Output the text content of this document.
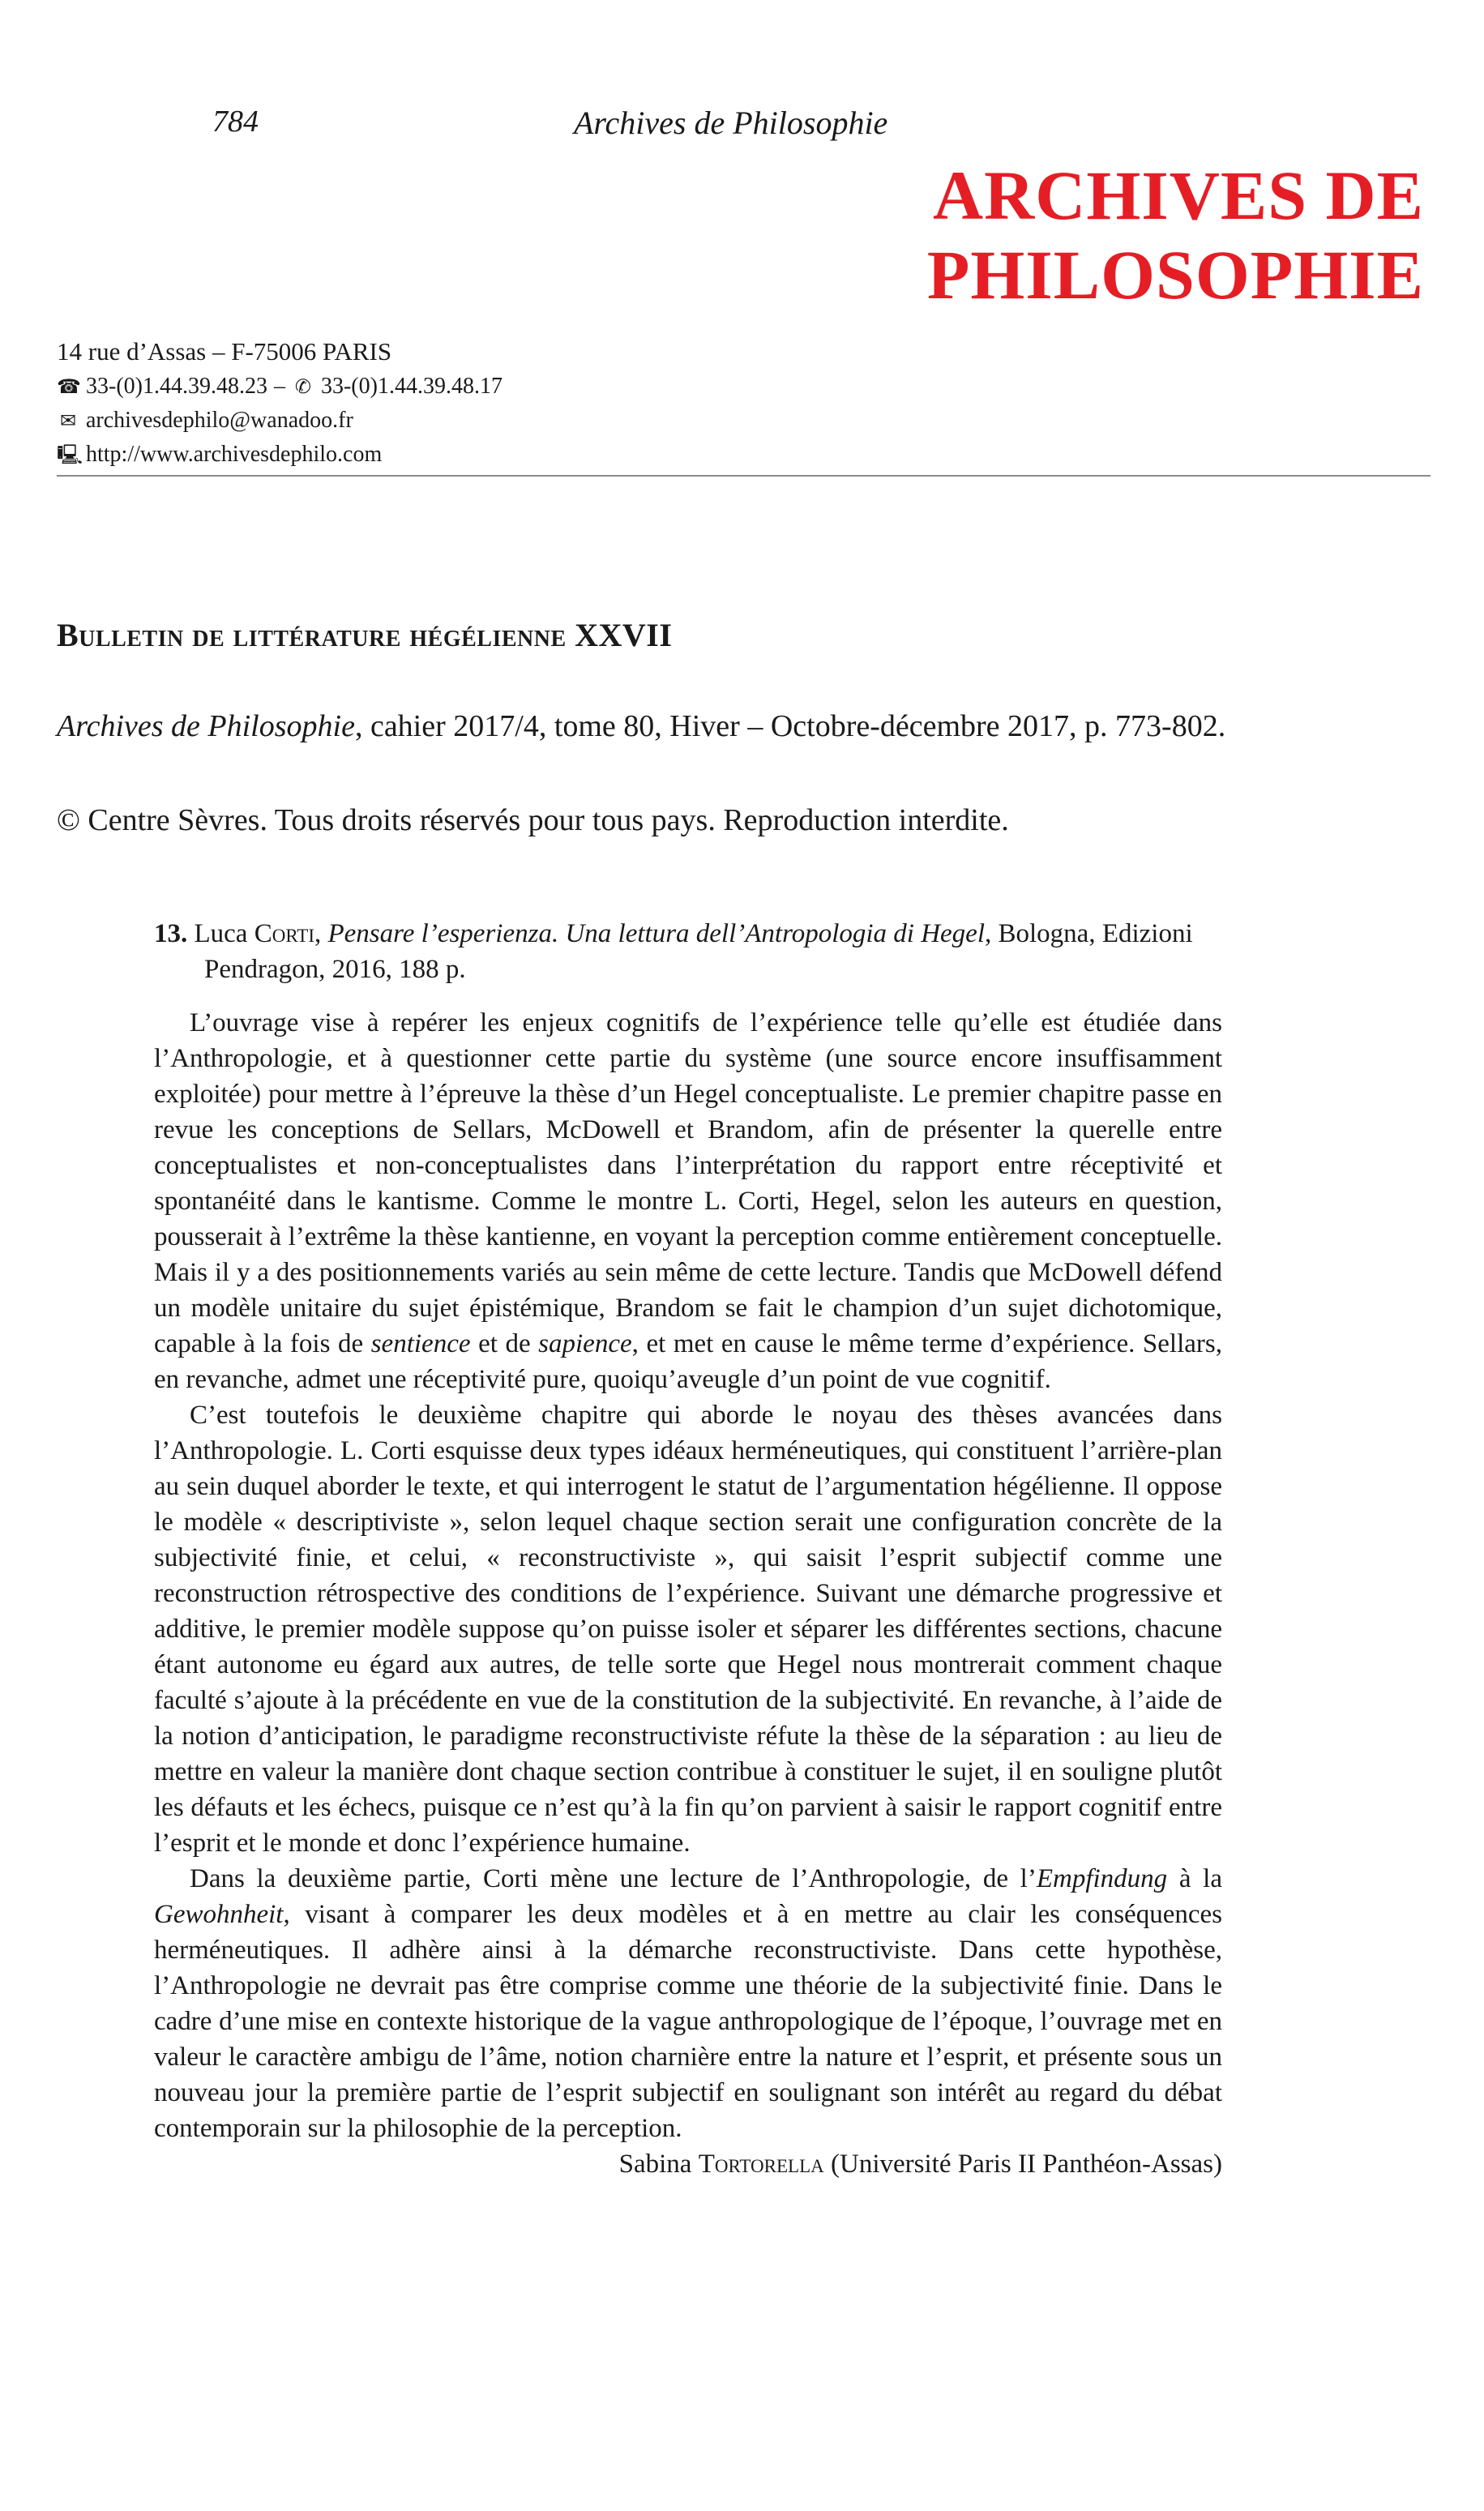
784	Archives de Philosophie
ARCHIVES DE
PHILOSOPHIE
14 rue d’Assas – F-75006 PARIS
☎ 33-(0)1.44.39.48.23 – ✆ 33-(0)1.44.39.48.17
✉ archivesdephilo@wanadoo.fr
🖳 http://www.archivesdephilo.com
Bulletin de littérature hégélienne XXVII
Archives de Philosophie, cahier 2017/4, tome 80, Hiver – Octobre-décembre 2017, p. 773-802.
© Centre Sèvres. Tous droits réservés pour tous pays. Reproduction interdite.

13. Luca Corti, Pensare l’esperienza. Una lettura dell’Antropologia di Hegel, Bologna, Edizioni Pendragon, 2016, 188 p.

L’ouvrage vise à repérer les enjeux cognitifs de l’expérience telle qu’elle est étudiée dans l’Anthropologie, et à questionner cette partie du système (une source encore insuffisamment exploitée) pour mettre à l’épreuve la thèse d’un Hegel conceptualiste. Le premier chapitre passe en revue les conceptions de Sellars, McDowell et Brandom, afin de présenter la querelle entre conceptualistes et non-conceptualistes dans l’interprétation du rapport entre réceptivité et spontanéité dans le kantisme. Comme le montre L. Corti, Hegel, selon les auteurs en question, pousserait à l’extrême la thèse kantienne, en voyant la perception comme entièrement conceptuelle. Mais il y a des positionnements variés au sein même de cette lecture. Tandis que McDowell défend un modèle unitaire du sujet épistémique, Brandom se fait le champion d’un sujet dichotomique, capable à la fois de sentience et de sapience, et met en cause le même terme d’expérience. Sellars, en revanche, admet une réceptivité pure, quoiqu’aveugle d’un point de vue cognitif.

C’est toutefois le deuxième chapitre qui aborde le noyau des thèses avancées dans l’Anthropologie. L. Corti esquisse deux types idéaux herméneutiques, qui constituent l’arrière-plan au sein duquel aborder le texte, et qui interrogent le statut de l’argumentation hégélienne. Il oppose le modèle « descriptiviste », selon lequel chaque section serait une configuration concrète de la subjectivité finie, et celui, « reconstructiviste », qui saisit l’esprit subjectif comme une reconstruction rétrospective des conditions de l’expérience. Suivant une démarche progressive et additive, le premier modèle suppose qu’on puisse isoler et séparer les différentes sections, chacune étant autonome eu égard aux autres, de telle sorte que Hegel nous montrerait comment chaque faculté s’ajoute à la précédente en vue de la constitution de la subjectivité. En revanche, à l’aide de la notion d’anticipation, le paradigme reconstructiviste réfute la thèse de la séparation : au lieu de mettre en valeur la manière dont chaque section contribue à constituer le sujet, il en souligne plutôt les défauts et les échecs, puisque ce n’est qu’à la fin qu’on parvient à saisir le rapport cognitif entre l’esprit et le monde et donc l’expérience humaine.

Dans la deuxième partie, Corti mène une lecture de l’Anthropologie, de l’Empfindung à la Gewohnheit, visant à comparer les deux modèles et à en mettre au clair les conséquences herméneutiques. Il adhère ainsi à la démarche reconstructiviste. Dans cette hypothèse, l’Anthropologie ne devrait pas être comprise comme une théorie de la subjectivité finie. Dans le cadre d’une mise en contexte historique de la vague anthropologique de l’époque, l’ouvrage met en valeur le caractère ambigu de l’âme, notion charnière entre la nature et l’esprit, et présente sous un nouveau jour la première partie de l’esprit subjectif en soulignant son intérêt au regard du débat contemporain sur la philosophie de la perception.

Sabina Tortorella (Université Paris II Panthéon-Assas)
